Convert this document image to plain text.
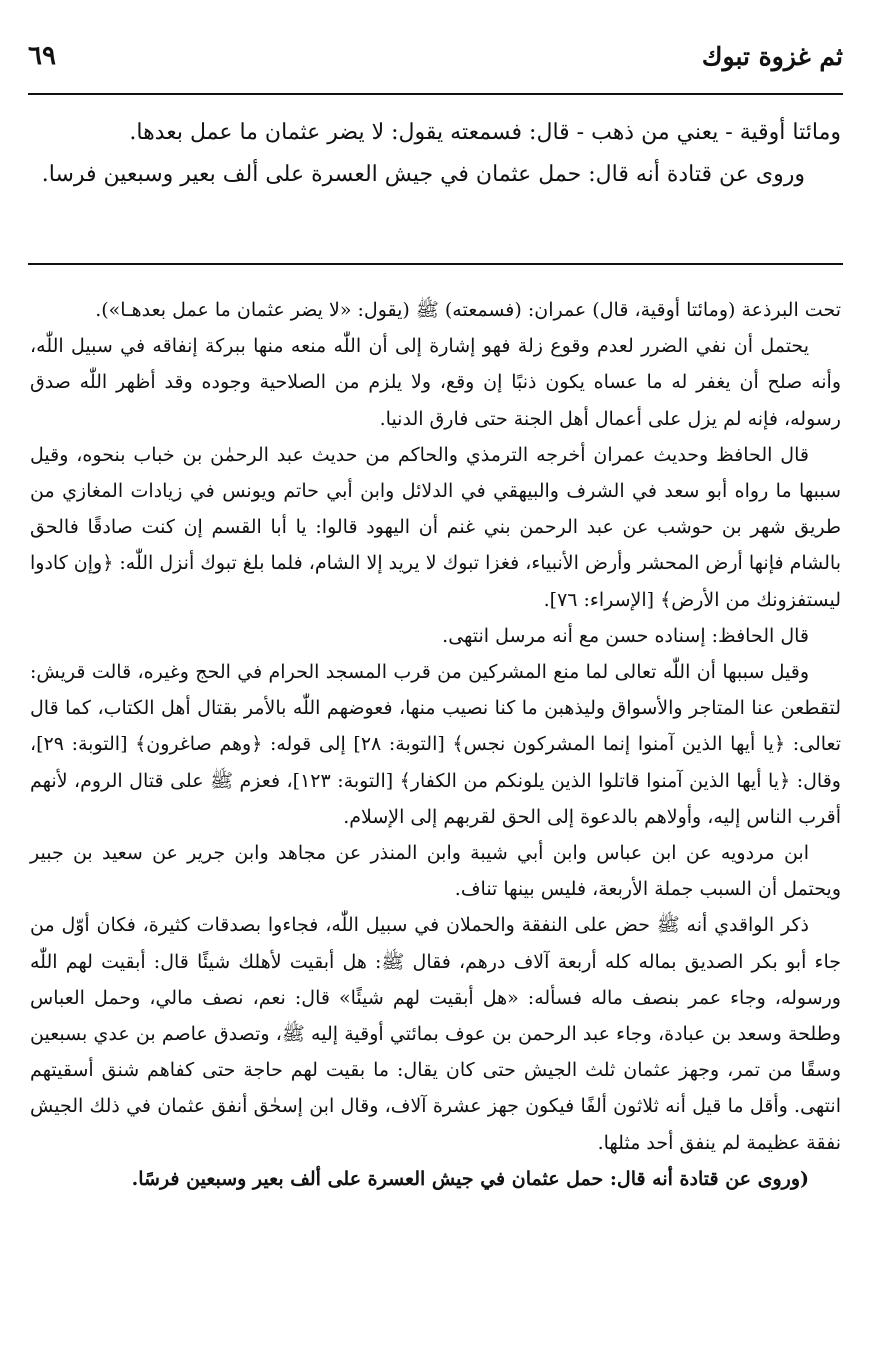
ثم غزوة تبوك
٦٩

ومائتا أوقية - يعني من ذهب - قال: فسمعته يقول: لا يضر عثمان ما عمل بعدها.

وروى عن قتادة أنه قال: حمل عثمان في جيش العسرة على ألف بعير وسبعين فرسا.

تحت البرذعة (ومائتا أوقية، قال) عمران: (فسمعته) ﷺ (يقول: «لا يضر عثمان ما عمل بعدهـا»).

يحتمل أن نفي الضرر لعدم وقوع زلة فهو إشارة إلى أن اللّٰه منعه منها ببركة إنفاقه في سبيل اللّٰه، وأنه صلح أن يغفر له ما عساه يكون ذنبًا إن وقع، ولا يلزم من الصلاحية وجوده وقد أظهر اللّٰه صدق رسوله، فإنه لم يزل على أعمال أهل الجنة حتى فارق الدنيا.

قال الحافظ وحديث عمران أخرجه الترمذي والحاكم من حديث عبد الرحمٰن بن خباب بنحوه، وقيل سببها ما رواه أبو سعد في الشرف والبيهقي في الدلائل وابن أبي حاتم ويونس في زيادات المغازي من طريق شهر بن حوشب عن عبد الرحمن بني غنم أن اليهود قالوا: يا أبا القسم إن كنت صادقًا فالحق بالشام فإنها أرض المحشر وأرض الأنبياء، فغزا تبوك لا يريد إلا الشام، فلما بلغ تبوك أنزل اللّٰه: ﴿وإن كادوا ليستفزونك من الأرض﴾ [الإسراء: ٧٦].

قال الحافظ: إسناده حسن مع أنه مرسل انتهى.

وقيل سببها أن اللّٰه تعالى لما منع المشركين من قرب المسجد الحرام في الحج وغيره، قالت قريش: لتقطعن عنا المتاجر والأسواق وليذهبن ما كنا نصيب منها، فعوضهم اللّٰه بالأمر بقتال أهل الكتاب، كما قال تعالى: ﴿يا أيها الذين آمنوا إنما المشركون نجس﴾ [التوبة: ٢٨] إلى قوله: ﴿وهم صاغرون﴾ [التوبة: ٢٩]، وقال: ﴿يا أيها الذين آمنوا قاتلوا الذين يلونكم من الكفار﴾ [التوبة: ١٢٣]، فعزم ﷺ على قتال الروم، لأنهم أقرب الناس إليه، وأولاهم بالدعوة إلى الحق لقربهم إلى الإسلام.

ابن مردويه عن ابن عباس وابن أبي شيبة وابن المنذر عن مجاهد وابن جرير عن سعيد بن جبير ويحتمل أن السبب جملة الأربعة، فليس بينها تناف.

ذكر الواقدي أنه ﷺ حض على النفقة والحملان في سبيل اللّٰه، فجاءوا بصدقات كثيرة، فكان أوّل من جاء أبو بكر الصديق بماله كله أربعة آلاف درهم، فقال ﷺ: هل أبقيت لأهلك شيئًا قال: أبقيت لهم اللّٰه ورسوله، وجاء عمر بنصف ماله فسأله: «هل أبقيت لهم شيئًا» قال: نعم، نصف مالي، وحمل العباس وطلحة وسعد بن عبادة، وجاء عبد الرحمن بن عوف بمائتي أوقية إليه ﷺ، وتصدق عاصم بن عدي بسبعين وسقًا من تمر، وجهز عثمان ثلث الجيش حتى كان يقال: ما بقيت لهم حاجة حتى كفاهم شنق أسقيتهم انتهى. وأقل ما قيل أنه ثلاثون ألفًا فيكون جهز عشرة آلاف، وقال ابن إسحٰق أنفق عثمان في ذلك الجيش نفقة عظيمة لم ينفق أحد مثلها.

(وروى عن قتادة أنه قال: حمل عثمان في جيش العسرة على ألف بعير وسبعين فرسًا.
